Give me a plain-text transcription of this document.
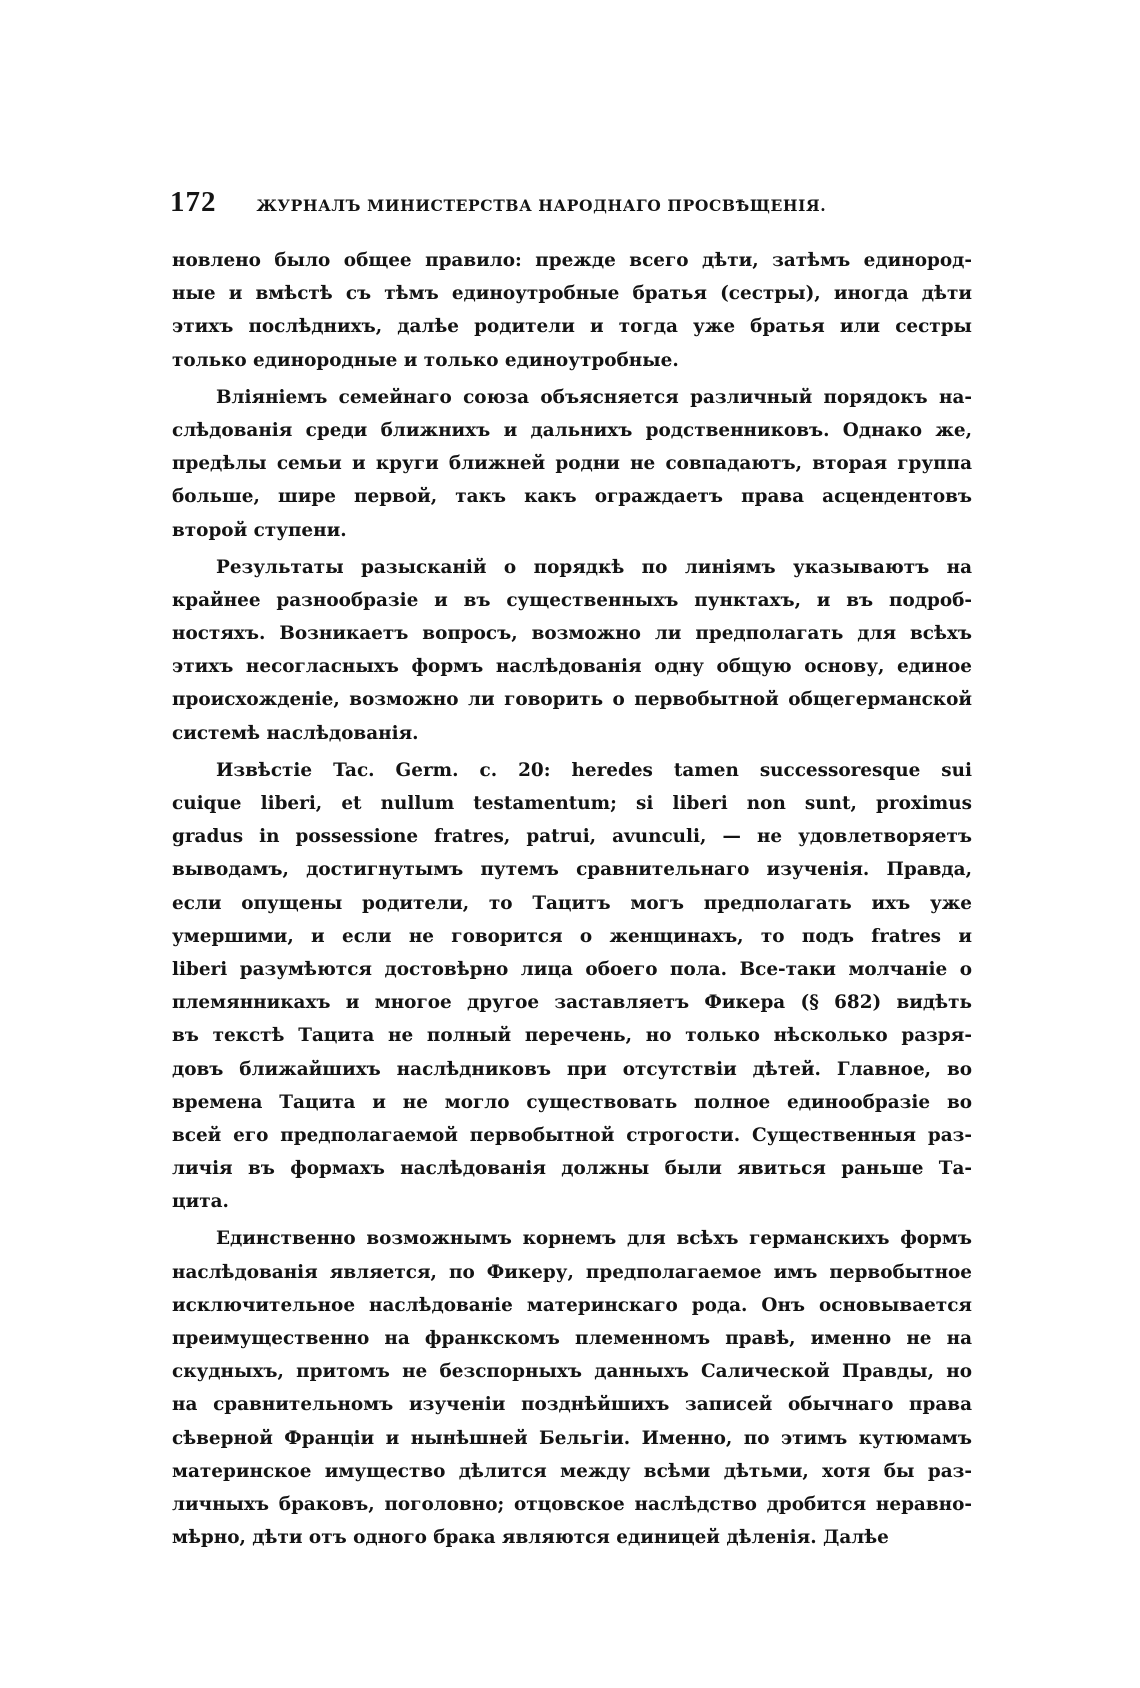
172	ЖУРНАЛЪ МИНИСТЕРСТВА НАРОДНАГО ПРОСВѢЩЕНІЯ.
новлено было общее правило: прежде всего дѣти, затѣмъ единород-
ные и вмѣстѣ съ тѣмъ единоутробные братья (сестры), иногда дѣти
этихъ послѣднихъ, далѣе родители и тогда уже братья или сестры
только единородные и только единоутробные.
Вліяніемъ семейнаго союза объясняется различный порядокъ на-
слѣдованія среди ближнихъ и дальнихъ родственниковъ. Однако же,
предѣлы семьи и круги ближней родни не совпадаютъ, вторая группа
больше, шире первой, такъ какъ ограждаетъ права асцендентовъ
второй ступени.
Результаты разысканій о порядкѣ по линіямъ указываютъ на
крайнее разнообразіе и въ существенныхъ пунктахъ, и въ подроб-
ностяхъ. Возникаетъ вопросъ, возможно ли предполагать для всѣхъ
этихъ несогласныхъ формъ наслѣдованія одну общую основу, единое
происхожденіе, возможно ли говорить о первобытной общегерманской
системѣ наслѣдованія.
Извѣстіе Tac. Germ. c. 20: heredes tamen successoresque sui
cuique liberi, et nullum testamentum; si liberi non sunt, proximus
gradus in possessione fratres, patrui, avunculi, — не удовлетворяетъ
выводамъ, достигнутымъ путемъ сравнительнаго изученія. Правда,
если опущены родители, то Тацитъ могъ предполагать ихъ уже
умершими, и если не говорится о женщинахъ, то подъ fratres и
liberi разумѣются достовѣрно лица обоего пола. Все-таки молчаніе о
племянникахъ и многое другое заставляетъ Фикера (§ 682) видѣть
въ текстѣ Тацита не полный перечень, но только нѣсколько разря-
довъ ближайшихъ наслѣдниковъ при отсутствіи дѣтей. Главное, во
времена Тацита и не могло существовать полное единообразіе во
всей его предполагаемой первобытной строгости. Существенныя раз-
личія въ формахъ наслѣдованія должны были явиться раньше Та-
цита.
Единственно возможнымъ корнемъ для всѣхъ германскихъ формъ
наслѣдованія является, по Фикеру, предполагаемое имъ первобытное
исключительное наслѣдованіе материнскаго рода. Онъ основывается
преимущественно на франкскомъ племенномъ правѣ, именно не на
скудныхъ, притомъ не безспорныхъ данныхъ Салической Правды, но
на сравнительномъ изученіи позднѣйшихъ записей обычнаго права
сѣверной Франціи и нынѣшней Бельгіи. Именно, по этимъ кутюмамъ
материнское имущество дѣлится между всѣми дѣтьми, хотя бы раз-
личныхъ браковъ, поголовно; отцовское наслѣдство дробится неравно-
мѣрно, дѣти отъ одного брака являются единицей дѣленія. Далѣе
